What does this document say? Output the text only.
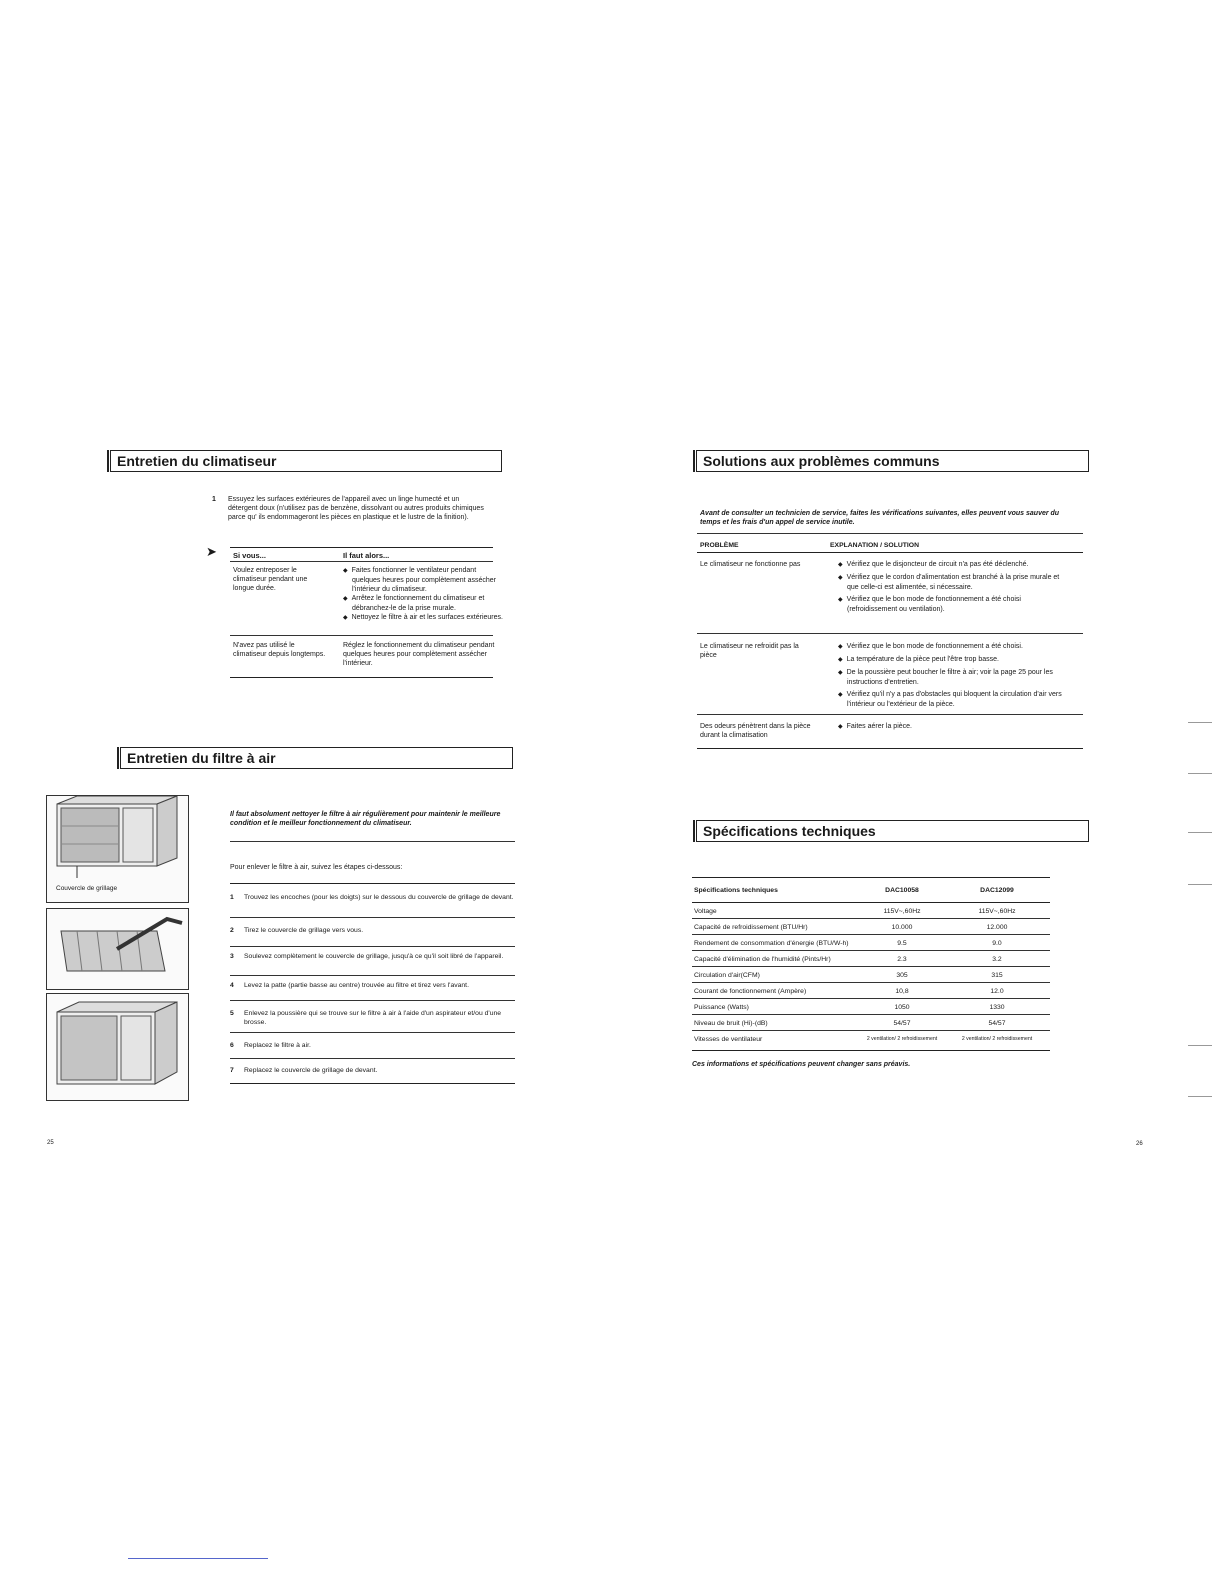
Entretien du climatiseur
1 Essuyez les surfaces extérieures de l'appareil avec un linge humecté et un détergent doux (n'utilisez pas de benzène, dissolvant ou autres produits chimiques parce qu' ils endommageront les pièces en plastique et le lustre de la finition).
➤ Si vous...	Il faut alors...
Voulez entreposer le climatiseur pendant une longue durée.
◆ Faites fonctionner le ventilateur pendant quelques heures pour complètement assécher l'intérieur du climatiseur.
◆ Arrêtez le fonctionnement du climatiseur et débranchez-le de la prise murale.
◆ Nettoyez le filtre à air et les surfaces extérieures.
N'avez pas utilisé le climatiseur depuis longtemps.
Réglez le fonctionnement du climatiseur pendant quelques heures pour complètement assécher l'intérieur.
Entretien du filtre à air
Couvercle de grillage
Il faut absolument nettoyer le filtre à air régulièrement pour maintenir le meilleure condition et le meilleur fonctionnement du climatiseur.
Pour enlever le filtre à air, suivez les étapes ci-dessous:
1 Trouvez les encoches (pour les doigts) sur le dessous du couvercle de grillage de devant.
2 Tirez le couvercle de grillage vers vous.
3 Soulevez complètement le couvercle de grillage, jusqu'à ce qu'il soit libré de l'appareil.
4 Levez la patte (partie basse au centre) trouvée au filtre et tirez vers l'avant.
5 Enlevez la poussière qui se trouve sur le filtre à air à l'aide d'un aspirateur et/ou d'une brosse.
6 Replacez le filtre à air.
7 Replacez le couvercle de grillage de devant.
25
Solutions aux problèmes communs
Avant de consulter un technicien de service, faites les vérifications suivantes, elles peuvent vous sauver du temps et les frais d'un appel de service inutile.
PROBLÈME	EXPLANATION / SOLUTION
Le climatiseur ne fonctionne pas
◆	Vérifiez que le disjoncteur de circuit n'a pas été déclenché.
◆ Vérifiez que le cordon d'alimentation est branché à la prise murale et que celle-ci est alimentée, si nécessaire.
◆ Vérifiez que le bon mode de fonctionnement a été choisi (refroidissement ou ventilation).
Le climatiseur ne refroidit pas la pièce
◆ Vérifiez que le bon mode de fonctionnement a été choisi.
◆ La température de la pièce peut l'être trop basse.
◆ De la poussière peut boucher le filtre à air; voir la page 25 pour les instructions d'entretien.
◆ Vérifiez qu'il n'y a pas d'obstacles qui bloquent la circulation d'air vers l'intérieur ou l'extérieur de la pièce.
Des odeurs pénètrent dans la pièce durant la climatisation
◆ Faites aérer la pièce.
Spécifications techniques
Spécifications techniques	DAC10058	DAC12099
Voltage	115V~,60Hz	115V~,60Hz
Capacité de refroidissement (BTU/Hr)	10.000	12.000
Rendement de consommation d'énergie (BTU/W-h)	9.5	9.0
Capacité d'élimination de l'humidité (Pints/Hr)	2.3	3.2
Circulation d'air(CFM)	305	315
Courant de fonctionnement (Ampère)	10,8	12.0
Puissance (Watts)	1050	1330
Niveau de bruit (Hi)-(dB)	54/57	54/57
Vitesses de ventilateur	2 ventilation/ 2 refroidissement	2 ventilation/ 2 refroidissement
Ces informations et spécifications peuvent changer sans préavis.
26
